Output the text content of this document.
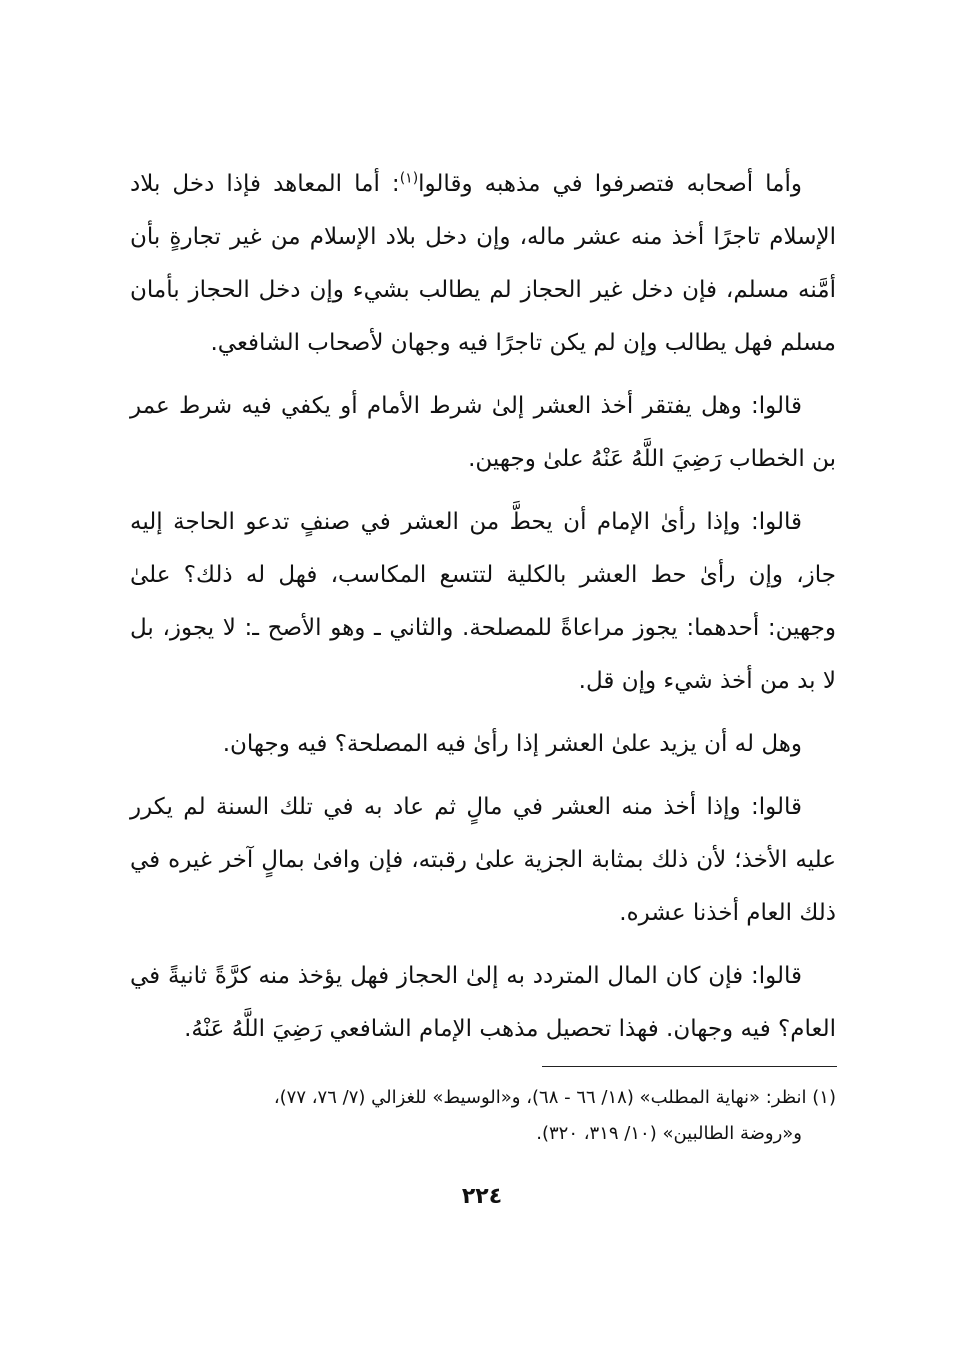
وأما أصحابه فتصرفوا في مذهبه وقالوا$^{(١)}$: أما المعاهد فإذا دخل بلاد الإسلام تاجرًا أخذ منه عشر ماله، وإن دخل بلاد الإسلام من غير تجارةٍ بأن أمَّنه مسلم، فإن دخل غير الحجاز لم يطالب بشيء وإن دخل الحجاز بأمان مسلم فهل يطالب وإن لم يكن تاجرًا فيه وجهان لأصحاب الشافعي.

قالوا: وهل يفتقر أخذ العشر إلىٰ شرط الأمام أو يكفي فيه شرط عمر بن الخطاب رَضِيَ اللَّهُ عَنْهُ علىٰ وجهين.

قالوا: وإذا رأىٰ الإمام أن يحطَّ من العشر في صنفٍ تدعو الحاجة إليه جاز، وإن رأىٰ حط العشر بالكلية لتتسع المكاسب، فهل له ذلك؟ علىٰ وجهين: أحدهما: يجوز مراعاةً للمصلحة. والثاني ـ وهو الأصح ـ: لا يجوز، بل لا بد من أخذ شيء وإن قل.

وهل له أن يزيد علىٰ العشر إذا رأىٰ فيه المصلحة؟ فيه وجهان.

قالوا: وإذا أخذ منه العشر في مالٍ ثم عاد به في تلك السنة لم يكرر عليه الأخذ؛ لأن ذلك بمثابة الجزية علىٰ رقبته، فإن وافىٰ بمالٍ آخر غيره في ذلك العام أخذنا عشره.

قالوا: فإن كان المال المتردد به إلىٰ الحجاز فهل يؤخذ منه كرَّةً ثانيةً في العام؟ فيه وجهان. فهذا تحصيل مذهب الإمام الشافعي رَضِيَ اللَّهُ عَنْهُ.

(١) انظر: «نهاية المطلب» (١٨/ ٦٦ - ٦٨)، و«الوسيط» للغزالي (٧/ ٧٦، ٧٧)،
و«روضة الطالبين» (١٠/ ٣١٩، ٣٢٠).
٢٢٤
